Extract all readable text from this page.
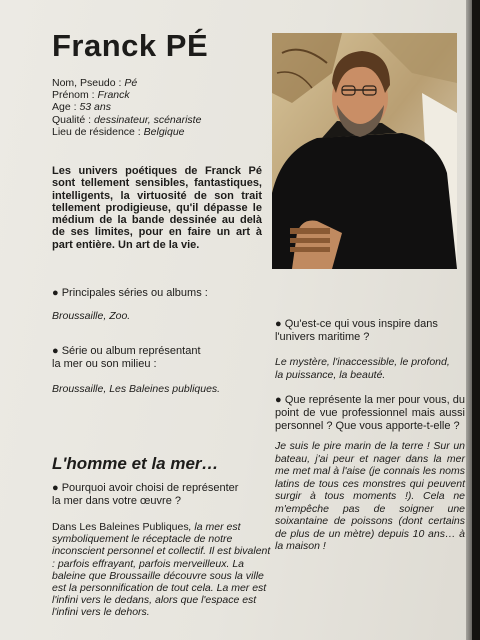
Franck PÉ
Nom, Pseudo : Pé
Prénom : Franck
Age : 53 ans
Qualité : dessinateur, scénariste
Lieu de résidence : Belgique
Les univers poétiques de Franck Pé sont tellement sensibles, fantastiques, intelligents, la virtuosité de son trait tellement prodigieuse, qu'il dépasse le médium de la bande dessinée au delà de ses limites, pour en faire un art à part entière. Un art de la vie.
● Principales séries ou albums :
Broussaille, Zoo.
● Série ou album représentant
la mer ou son milieu :
Broussaille, Les Baleines publiques.
L'homme et la mer…
● Pourquoi avoir choisi de représenter
la mer dans votre œuvre ?
Dans Les Baleines Publiques, la mer est symboliquement le réceptacle de notre inconscient personnel et collectif. Il est bivalent : parfois effrayant, parfois merveilleux. La baleine que Broussaille découvre sous la ville est la personnification de tout cela. La mer est l'infini vers le dedans, alors que l'espace est l'infini vers le dehors.
● Qu'est-ce qui vous inspire dans
l'univers maritime ?
Le mystère, l'inaccessible, le profond,
la puissance, la beauté.
● Que représente la mer pour vous, du point de vue professionnel mais aussi personnel ? Que vous apporte-t-elle ?
Je suis le pire marin de la terre ! Sur un bateau, j'ai peur et nager dans la mer me met mal à l'aise (je connais les noms latins de tous ces monstres qui peuvent surgir à tous moments !). Cela ne m'empêche pas de soigner une soixantaine de poissons (dont certains de plus de un mètre) depuis 10 ans… à la maison !
